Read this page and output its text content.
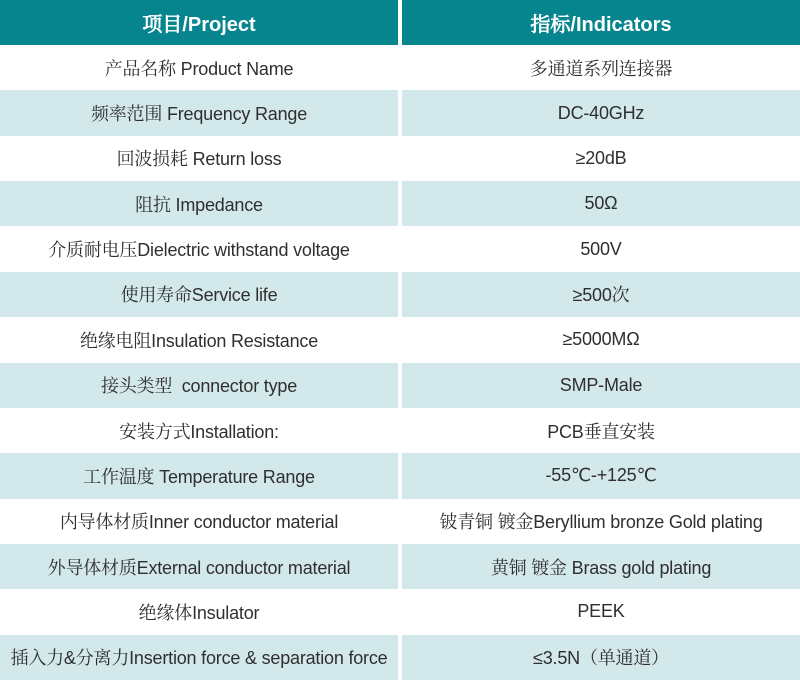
项目/Project	指标/Indicators
产品名称 Product Name	多通道系列连接器
频率范围 Frequency Range	DC-40GHz
回波损耗 Return loss	≥20dB
阻抗 Impedance	50Ω
介质耐电压Dielectric withstand voltage	500V
使用寿命Service life	≥500次
绝缘电阻Insulation Resistance	≥5000MΩ
接头类型  connector type	SMP-Male
安装方式Installation:	PCB垂直安装
工作温度 Temperature Range	-55℃-+125℃
内导体材质Inner conductor material	铍青铜 镀金Beryllium bronze Gold plating
外导体材质External conductor material	黄铜 镀金 Brass gold plating
绝缘体Insulator	PEEK
插入力&分离力Insertion force & separation force	≤3.5N（单通道）
